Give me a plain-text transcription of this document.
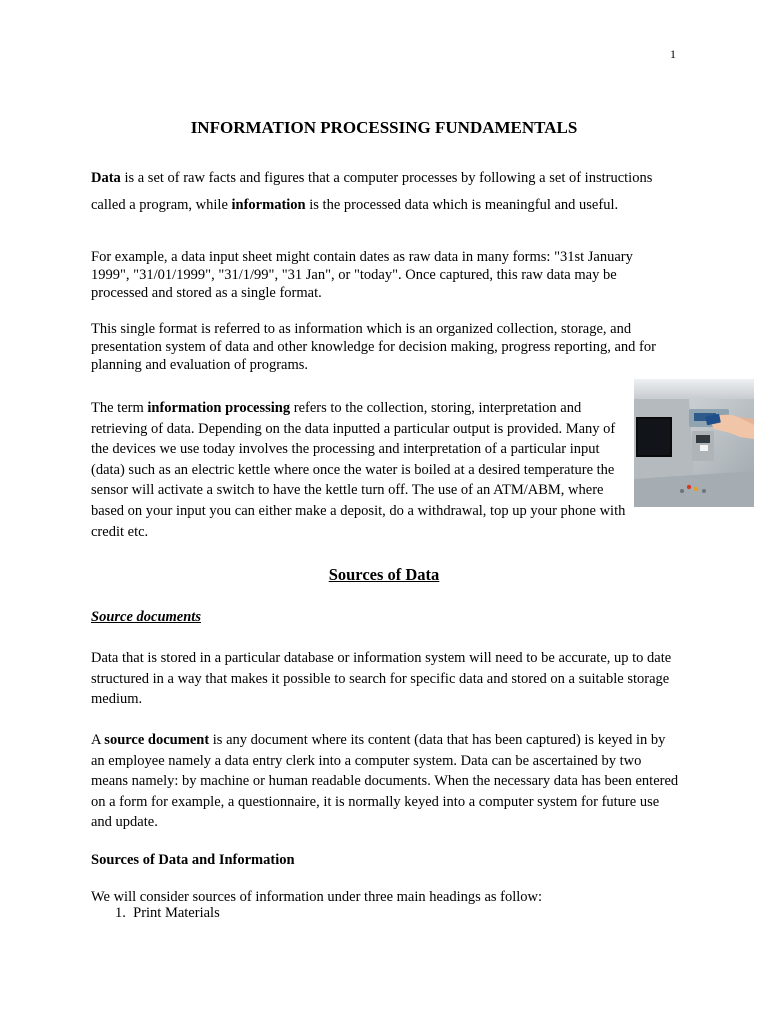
1
INFORMATION PROCESSING FUNDAMENTALS

Data is a set of raw facts and figures that a computer processes by following a set of instructions called a program, while information is the processed data which is meaningful and useful.

For example, a data input sheet might contain dates as raw data in many forms: "31st January 1999", "31/01/1999", "31/1/99", "31 Jan", or "today". Once captured, this raw data may be processed and stored as a single format.

This single format is referred to as information which is an organized collection, storage, and presentation system of data and other knowledge for decision making, progress reporting, and for planning and evaluation of programs.

The term information processing refers to the collection, storing, interpretation and retrieving of data. Depending on the data inputted a particular output is provided. Many of the devices we use today involves the processing and interpretation of a particular input (data) such as an electric kettle where once the water is boiled at a desired temperature the sensor will activate a switch to have the kettle turn off. The use of an ATM/ABM, where based on your input you can either make a deposit, do a withdrawal, top up your phone with credit etc.

Sources of Data
Source documents

Data that is stored in a particular database or information system will need to be accurate, up to date structured in a way that makes it possible to search for specific data and stored on a suitable storage medium.

A source document is any document where its content (data that has been captured) is keyed in by an employee namely a data entry clerk into a computer system. Data can be ascertained by two means namely: by machine or human readable documents. When the necessary data has been entered on a form for example, a questionnaire, it is normally keyed into a computer system for future use and update.

Sources of Data and Information

We will consider sources of information under three main headings as follow:

1. Print Materials
